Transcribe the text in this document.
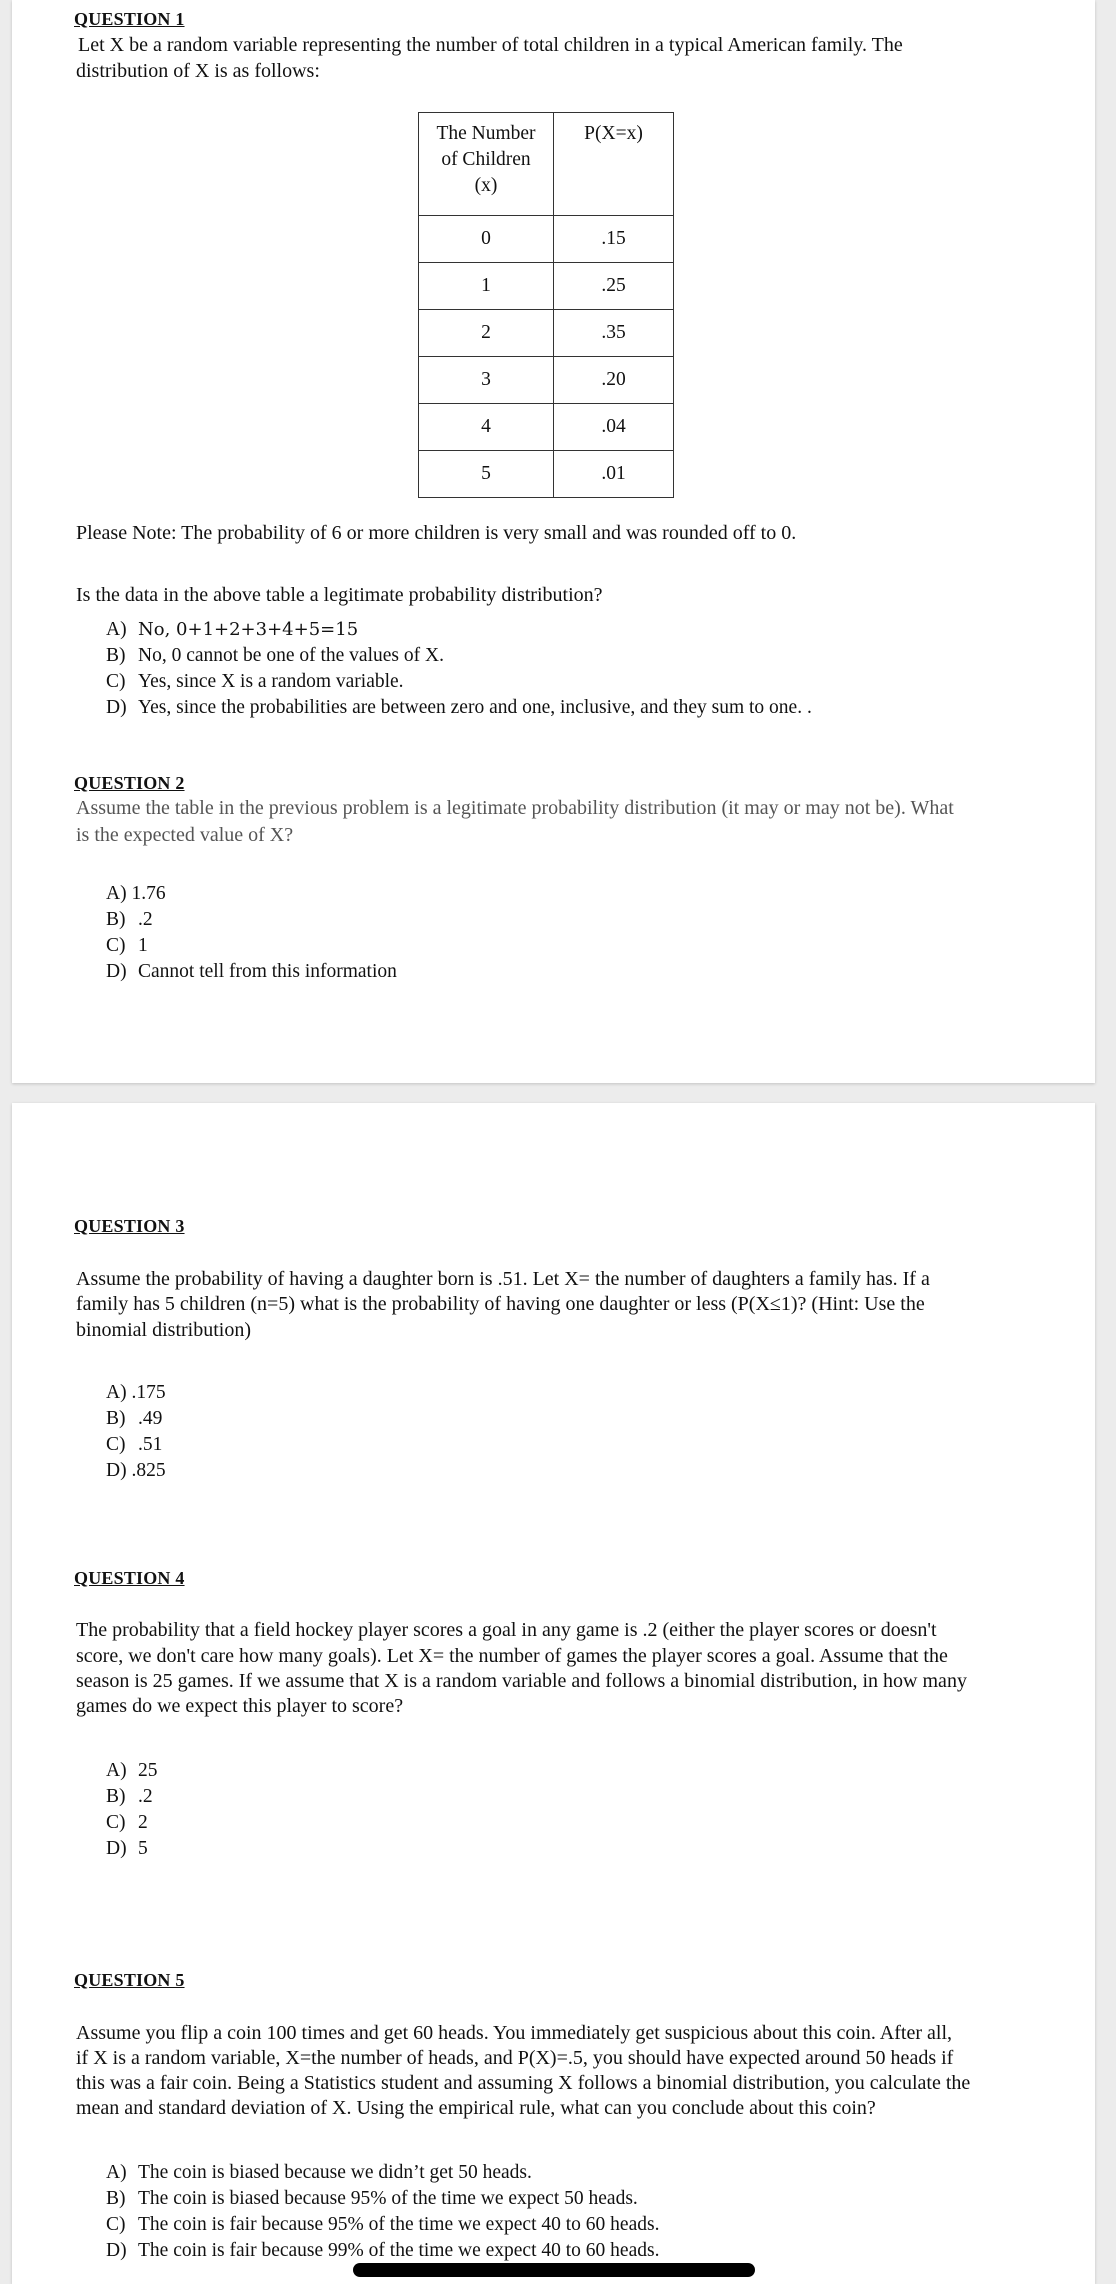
QUESTION 1
Let X be a random variable representing the number of total children in a typical American family. The
distribution of X is as follows:
The Number
of Children
(x)	P(X=x)
0	.15
1	.25
2	.35
3	.20
4	.04
5	.01
Please Note: The probability of 6 or more children is very small and was rounded off to 0.
Is the data in the above table a legitimate probability distribution?
A) No, 0+1+2+3+4+5=15
B) No, 0 cannot be one of the values of X.
C) Yes, since X is a random variable.
D) Yes, since the probabilities are between zero and one, inclusive, and they sum to one. .
QUESTION 2
Assume the table in the previous problem is a legitimate probability distribution (it may or may not be). What
is the expected value of X?
A) 1.76
B) .2
C) 1
D) Cannot tell from this information
QUESTION 3
Assume the probability of having a daughter born is .51. Let X= the number of daughters a family has. If a
family has 5 children (n=5) what is the probability of having one daughter or less (P(X≤1)? (Hint: Use the
binomial distribution)
A) .175
B) .49
C) .51
D) .825
QUESTION 4
The probability that a field hockey player scores a goal in any game is .2 (either the player scores or doesn't
score, we don't care how many goals). Let X= the number of games the player scores a goal. Assume that the
season is 25 games. If we assume that X is a random variable and follows a binomial distribution, in how many
games do we expect this player to score?
A) 25
B) .2
C) 2
D) 5
QUESTION 5
Assume you flip a coin 100 times and get 60 heads. You immediately get suspicious about this coin. After all,
if X is a random variable, X=the number of heads, and P(X)=.5, you should have expected around 50 heads if
this was a fair coin. Being a Statistics student and assuming X follows a binomial distribution, you calculate the
mean and standard deviation of X. Using the empirical rule, what can you conclude about this coin?
A) The coin is biased because we didn’t get 50 heads.
B) The coin is biased because 95% of the time we expect 50 heads.
C) The coin is fair because 95% of the time we expect 40 to 60 heads.
D) The coin is fair because 99% of the time we expect 40 to 60 heads.
